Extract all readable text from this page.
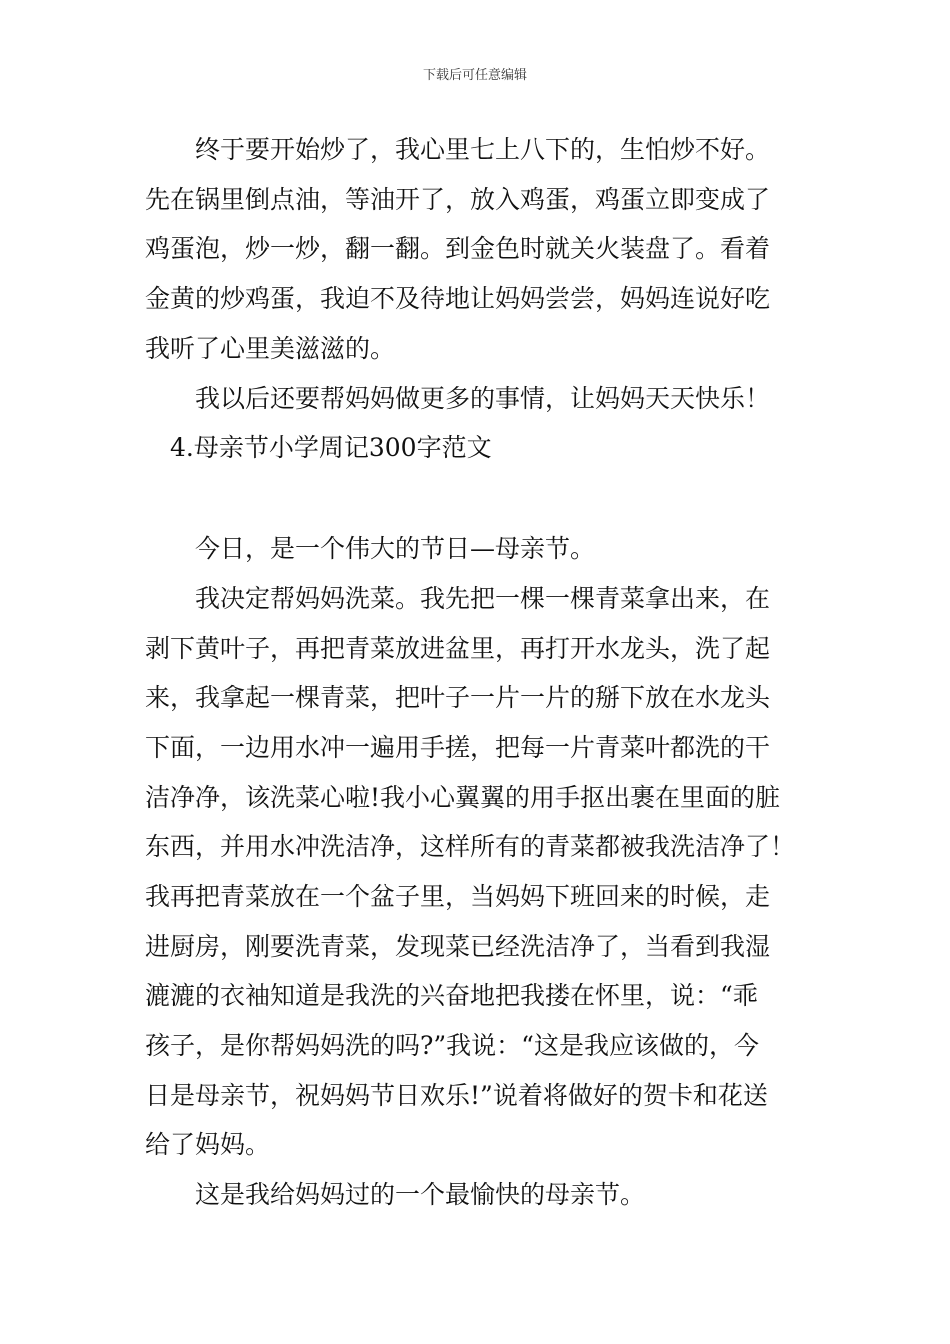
下载后可任意编辑
终于要开始炒了，我心里七上八下的，生怕炒不好。
先在锅里倒点油，等油开了，放入鸡蛋，鸡蛋立即变成了
鸡蛋泡，炒一炒，翻一翻。到金色时就关火装盘了。看着
金黄的炒鸡蛋，我迫不及待地让妈妈尝尝，妈妈连说好吃
我听了心里美滋滋的。
我以后还要帮妈妈做更多的事情，让妈妈天天快乐！
4.母亲节小学周记300字范文
今日，是一个伟大的节日—母亲节。
我决定帮妈妈洗菜。我先把一棵一棵青菜拿出来，在
剥下黄叶子，再把青菜放进盆里，再打开水龙头，洗了起
来，我拿起一棵青菜，把叶子一片一片的掰下放在水龙头
下面，一边用水冲一遍用手搓，把每一片青菜叶都洗的干
洁净净，该洗菜心啦!我小心翼翼的用手抠出裹在里面的脏
东西，并用水冲洗洁净，这样所有的青菜都被我洗洁净了！
我再把青菜放在一个盆子里，当妈妈下班回来的时候，走
进厨房，刚要洗青菜，发现菜已经洗洁净了，当看到我湿
漉漉的衣袖知道是我洗的兴奋地把我搂在怀里，说：“乖
孩子，是你帮妈妈洗的吗?”我说：“这是我应该做的，今
日是母亲节，祝妈妈节日欢乐!”说着将做好的贺卡和花送
给了妈妈。
这是我给妈妈过的一个最愉快的母亲节。
